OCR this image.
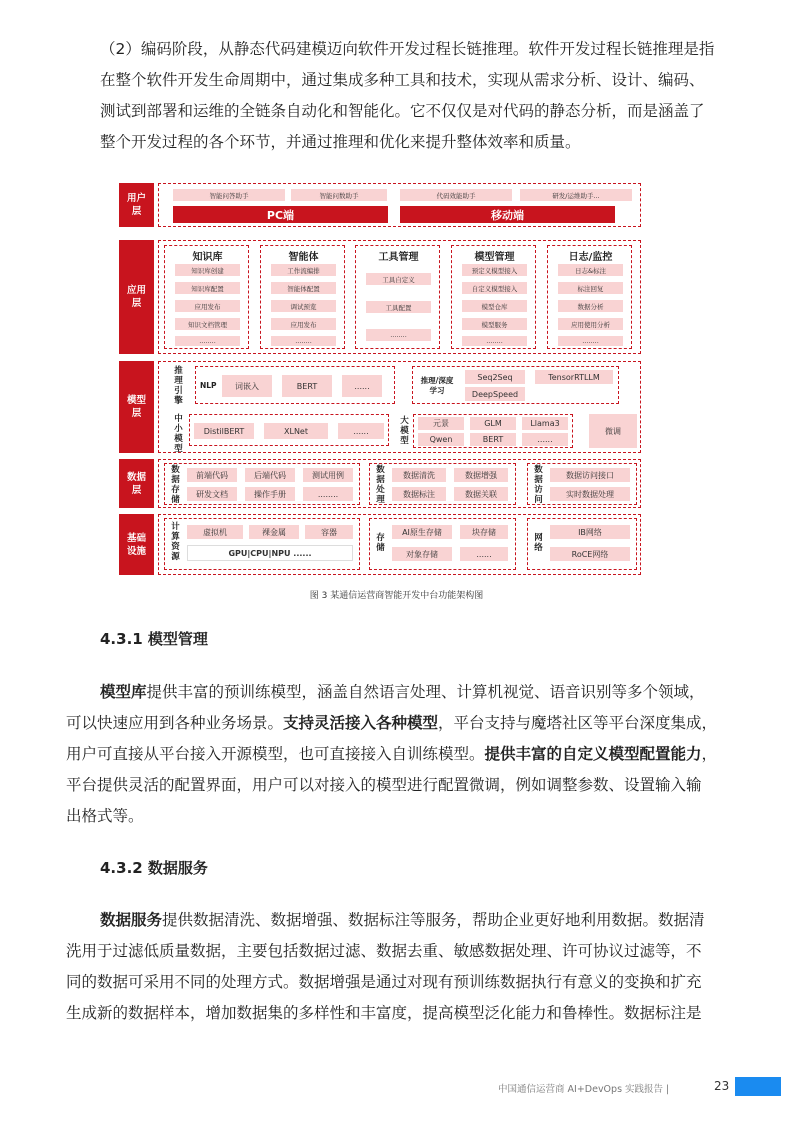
（2）编码阶段，从静态代码建模迈向软件开发过程长链推理。软件开发过程长链推理是指
在整个软件开发生命周期中，通过集成多种工具和技术，实现从需求分析、设计、编码、
测试到部署和运维的全链条自动化和智能化。它不仅仅是对代码的静态分析，而是涵盖了
整个开发过程的各个环节，并通过推理和优化来提升整体效率和质量。
用户层
智能问答助手	智能问数助手	代码效能助手	研发/运维助手...
PC端	移动端
应用层
知识库
知识库创建
知识库配置
应用发布
知识文档管理
........
智能体
工作流编排
智能体配置
调试预览
应用发布
........
工具管理
工具自定义
工具配置
........
模型管理
预定义模型接入
自定义模型接入
模型仓库
模型服务
........
日志/监控
日志&标注
标注回复
数据分析
应用使用分析
........
模型层
推理引擎
NLP	词嵌入	BERT	......
推理/深度学习
Seq2Seq	TensorRTLLM
DeepSpeed
中小模型
DistilBERT	XLNet	......
大模型
元景	GLM	Llama3
Qwen	BERT	......
微调
数据层
数据存储
前端代码	后端代码	测试用例
研发文档	操作手册	........
数据处理
数据清洗	数据增强
数据标注	数据关联
数据访问
数据访问接口
实时数据处理
基础设施
计算资源
虚拟机	裸金属	容器
GPU|CPU|NPU ......
存储
AI原生存储	块存储
对象存储	......
网络
IB网络
RoCE网络
图 3 某通信运营商智能开发中台功能架构图
4.3.1 模型管理
模型库提供丰富的预训练模型，涵盖自然语言处理、计算机视觉、语音识别等多个领域，
可以快速应用到各种业务场景。支持灵活接入各种模型，平台支持与魔塔社区等平台深度集成，
用户可直接从平台接入开源模型，也可直接接入自训练模型。提供丰富的自定义模型配置能力，
平台提供灵活的配置界面，用户可以对接入的模型进行配置微调，例如调整参数、设置输入输
出格式等。
4.3.2 数据服务
数据服务提供数据清洗、数据增强、数据标注等服务，帮助企业更好地利用数据。数据清
洗用于过滤低质量数据，主要包括数据过滤、数据去重、敏感数据处理、许可协议过滤等，不
同的数据可采用不同的处理方式。数据增强是通过对现有预训练数据执行有意义的变换和扩充
生成新的数据样本，增加数据集的多样性和丰富度，提高模型泛化能力和鲁棒性。数据标注是
中国通信运营商 AI+DevOps 实践报告 |	23
